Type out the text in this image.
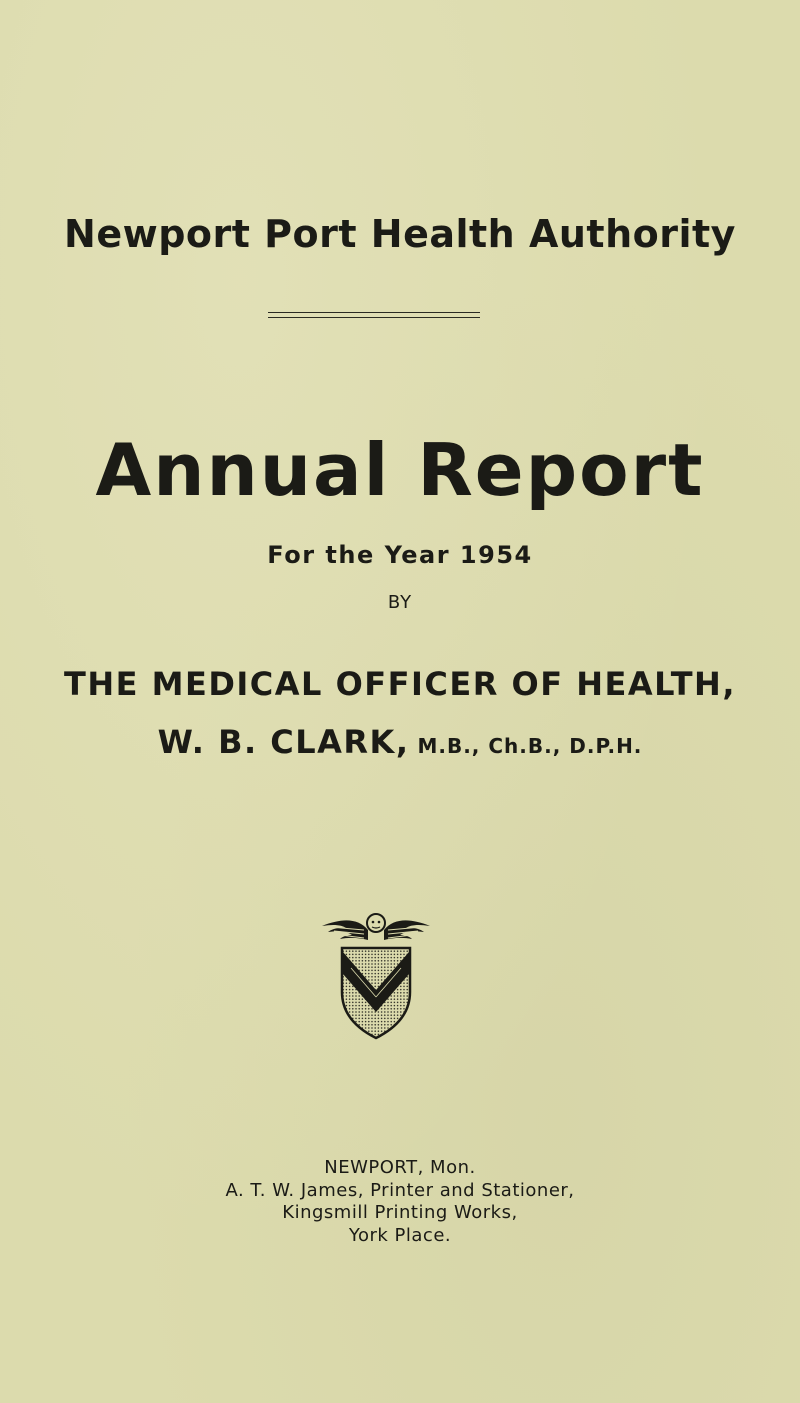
Newport Port Health Authority
Annual Report
For the Year 1954
BY
THE MEDICAL OFFICER OF HEALTH,
W. B. CLARK, M.B., Ch.B., D.P.H.
NEWPORT, Mon.
A. T. W. James, Printer and Stationer,
Kingsmill Printing Works,
York Place.
